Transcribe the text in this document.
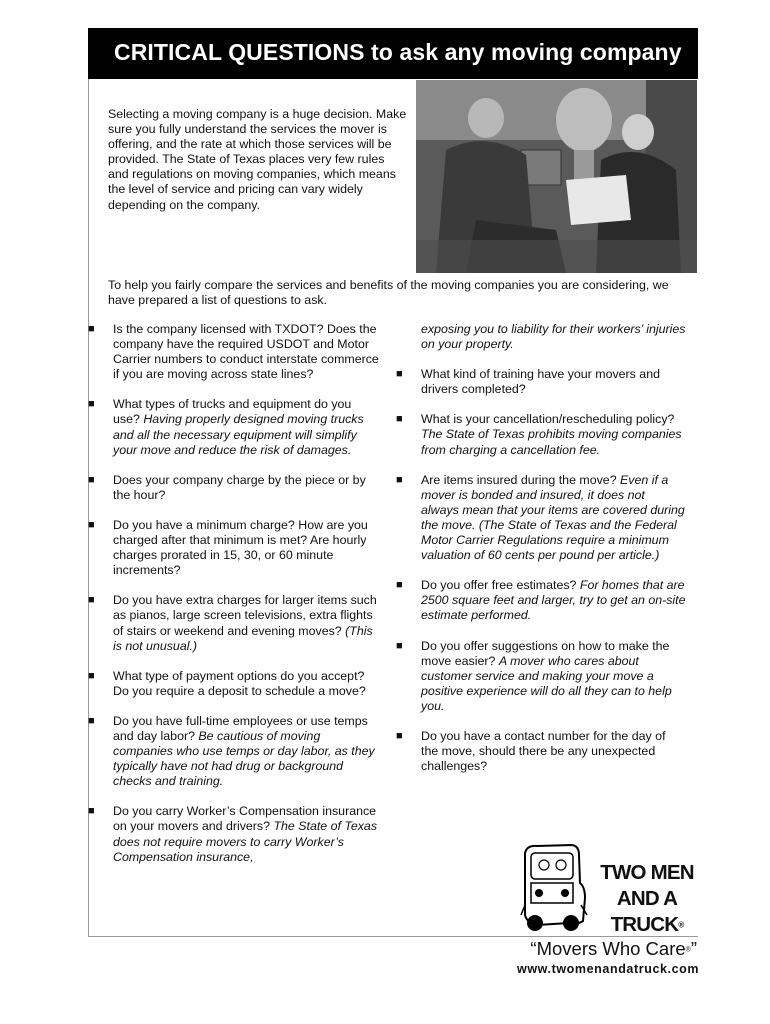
CRITICAL QUESTIONS to ask any moving company
Selecting a moving company is a huge decision. Make sure you fully understand the services the mover is offering, and the rate at which those services will be provided. The State of Texas places very few rules and regulations on moving companies, which means the level of service and pricing can vary widely depending on the company.
To help you fairly compare the services and benefits of the moving companies you are considering, we have prepared a list of questions to ask.
■	Is the company licensed with TXDOT? Does the company have the required USDOT and Motor Carrier numbers to conduct interstate commerce if you are moving across state lines?
■	What types of trucks and equipment do you use? Having properly designed moving trucks and all the necessary equipment will simplify your move and reduce the risk of damages.
■	Does your company charge by the piece or by the hour?
■	Do you have a minimum charge? How are you charged after that minimum is met? Are hourly charges prorated in 15, 30, or 60 minute increments?
■	Do you have extra charges for larger items such as pianos, large screen televisions, extra flights of stairs or weekend and evening moves? (This is not unusual.)
■	What type of payment options do you accept? Do you require a deposit to schedule a move?
■	Do you have full-time employees or use temps and day labor? Be cautious of moving companies who use temps or day labor, as they typically have not had drug or background checks and training.
■	Do you carry Worker’s Compensation insurance on your movers and drivers? The State of Texas does not require movers to carry Worker’s Compensation insurance,
exposing you to liability for their workers’ injuries on your property.
■	What kind of training have your movers and drivers completed?
■	What is your cancellation/rescheduling policy? The State of Texas prohibits moving companies from charging a cancellation fee.
■	Are items insured during the move? Even if a mover is bonded and insured, it does not always mean that your items are covered during the move. (The State of Texas and the Federal Motor Carrier Regulations require a minimum valuation of 60 cents per pound per article.)
■	Do you offer free estimates? For homes that are 2500 square feet and larger, try to get an on-site estimate performed.
■	Do you offer suggestions on how to make the move easier? A mover who cares about customer service and making your move a positive experience will do all they can to help you.
■	Do you have a contact number for the day of the move, should there be any unexpected challenges?
TWO MEN
AND A
TRUCK®
“Movers Who Care®”
www.twomenandatruck.com
